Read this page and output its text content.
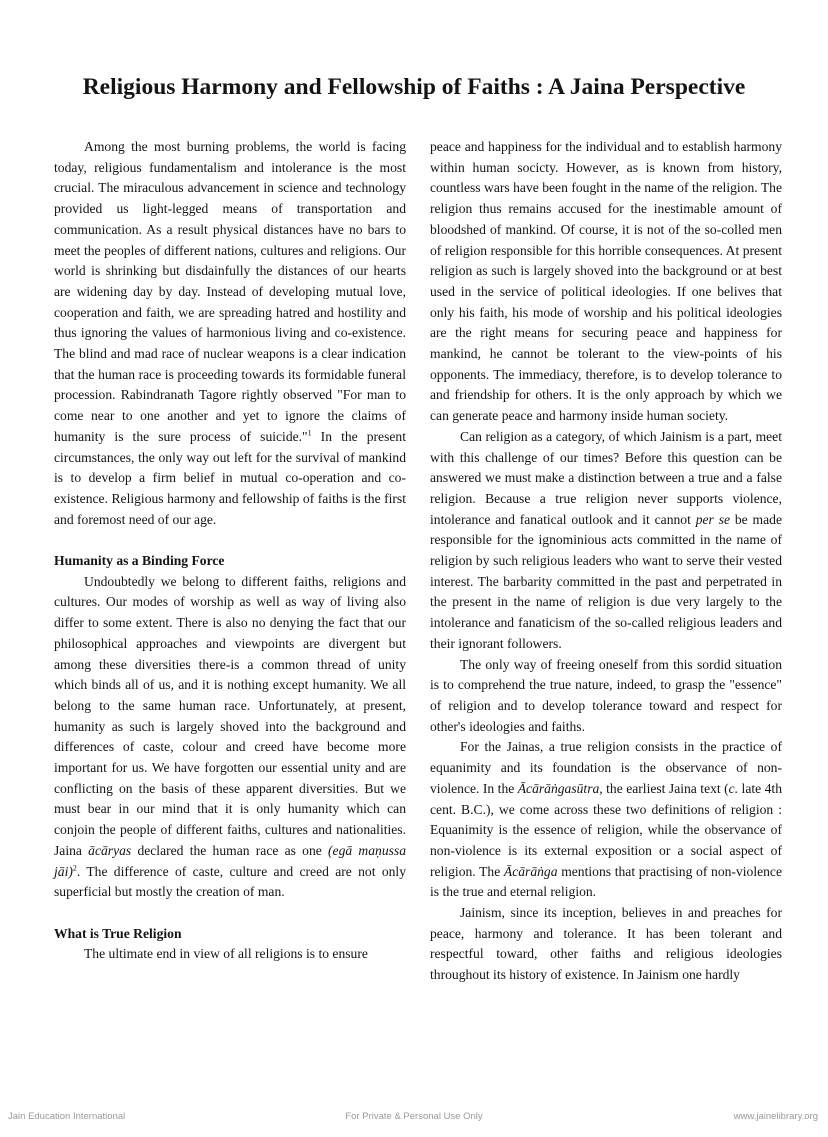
Religious Harmony and Fellowship of Faiths : A Jaina Perspective

Among the most burning problems, the world is facing today, religious fundamentalism and intolerance is the most crucial. The miraculous advancement in science and technology provided us light-legged means of transportation and communication. As a result physical distances have no bars to meet the peoples of different nations, cultures and religions. Our world is shrinking but disdainfully the distances of our hearts are widening day by day. Instead of developing mutual love, cooperation and faith, we are spreading hatred and hostility and thus ignoring the values of harmonious living and co-existence. The blind and mad race of nuclear weapons is a clear indication that the human race is proceeding towards its formidable funeral procession. Rabindranath Tagore rightly observed "For man to come near to one another and yet to ignore the claims of humanity is the sure process of suicide."$^1$ In the present circumstances, the only way out left for the survival of mankind is to develop a firm belief in mutual co-operation and co-existence. Religious harmony and fellowship of faiths is the first and foremost need of our age.

Humanity as a Binding Force

Undoubtedly we belong to different faiths, religions and cultures. Our modes of worship as well as way of living also differ to some extent. There is also no denying the fact that our philosophical approaches and viewpoints are divergent but among these diversities there-is a common thread of unity which binds all of us, and it is nothing except humanity. We all belong to the same human race. Unfortunately, at present, humanity as such is largely shoved into the background and differences of caste, colour and creed have become more important for us. We have forgotten our essential unity and are conflicting on the basis of these apparent diversities. But we must bear in our mind that it is only humanity which can conjoin the people of different faiths, cultures and nationalities. Jaina ācāryas declared the human race as one (egā maṇussa jāi)$^2$. The difference of caste, culture and creed are not only superficial but mostly the creation of man.

What is True Religion

The ultimate end in view of all religions is to ensure

peace and happiness for the individual and to establish harmony within human socicty. However, as is known from history, countless wars have been fought in the name of the religion. The religion thus remains accused for the inestimable amount of bloodshed of mankind. Of course, it is not of the so-colled men of religion responsible for this horrible consequences. At present religion as such is largely shoved into the background or at best used in the service of political ideologies. If one belives that only his faith, his mode of worship and his political ideologies are the right means for securing peace and happiness for mankind, he cannot be tolerant to the view-points of his opponents. The immediacy, therefore, is to develop tolerance to and friendship for others. It is the only approach by which we can generate peace and harmony inside human society.

Can religion as a category, of which Jainism is a part, meet with this challenge of our times? Before this question can be answered we must make a distinction between a true and a false religion. Because a true religion never supports violence, intolerance and fanatical outlook and it cannot per se be made responsible for the ignominious acts committed in the name of religion by such religious leaders who want to serve their vested interest. The barbarity committed in the past and perpetrated in the present in the name of religion is due very largely to the intolerance and fanaticism of the so-called religious leaders and their ignorant followers.

The only way of freeing oneself from this sordid situation is to comprehend the true nature, indeed, to grasp the "essence" of religion and to develop tolerance toward and respect for other's ideologies and faiths.

For the Jainas, a true religion consists in the practice of equanimity and its foundation is the observance of non-violence. In the Ācārāṅgasūtra, the earliest Jaina text (c. late 4th cent. B.C.), we come across these two definitions of religion : Equanimity is the essence of religion, while the observance of non-violence is its external exposition or a social aspect of religion. The Ācārāṅga mentions that practising of non-violence is the true and eternal religion.

Jainism, since its inception, believes in and preaches for peace, harmony and tolerance. It has been tolerant and respectful toward, other faiths and religious ideologies throughout its history of existence. In Jainism one hardly

Jain Education International	For Private & Personal Use Only	www.jainelibrary.org
